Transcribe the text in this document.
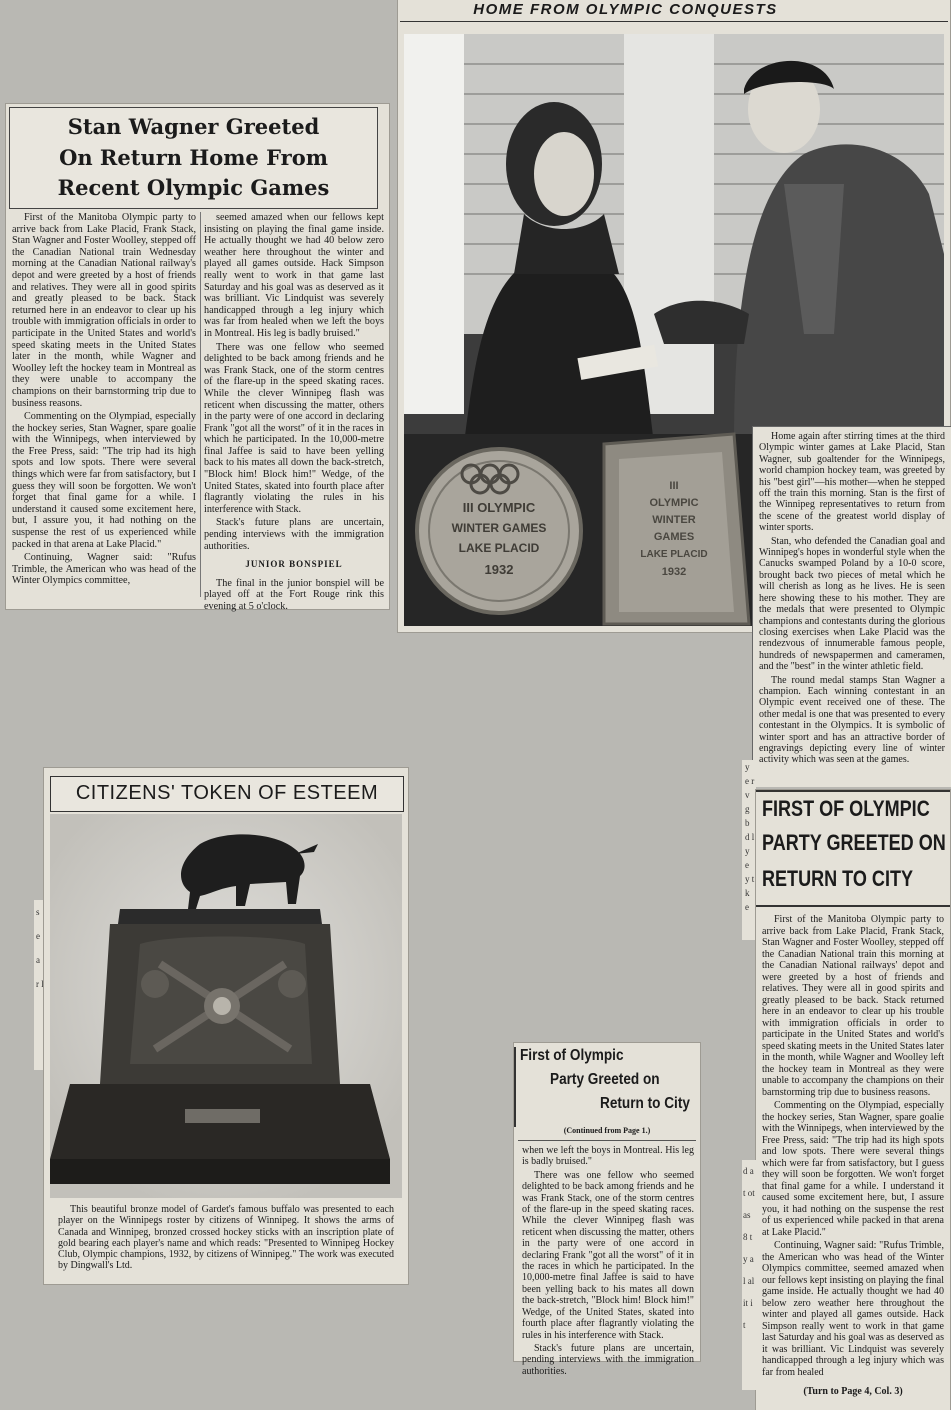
Stan Wagner Greeted
On Return Home From
Recent Olympic Games

First of the Manitoba Olympic party to arrive back from Lake Placid, Frank Stack, Stan Wagner and Foster Woolley, stepped off the Canadian National train Wednesday morning at the Canadian National railway's depot and were greeted by a host of friends and relatives. They were all in good spirits and greatly pleased to be back. Stack returned here in an endeavor to clear up his trouble with immigration officials in order to participate in the United States and world's speed skating meets in the United States later in the month, while Wagner and Woolley left the hockey team in Montreal as they were unable to accompany the champions on their barnstorming trip due to business reasons.

Commenting on the Olympiad, especially the hockey series, Stan Wagner, spare goalie with the Winnipegs, when interviewed by the Free Press, said: "The trip had its high spots and low spots. There were several things which were far from satisfactory, but I guess they will soon be forgotten. We won't forget that final game for a while. I understand it caused some excitement here, but, I assure you, it had nothing on the suspense the rest of us experienced while packed in that arena at Lake Placid."

Continuing, Wagner said: "Rufus Trimble, the American who was head of the Winter Olympics committee,

seemed amazed when our fellows kept insisting on playing the final game inside. He actually thought we had 40 below zero weather here throughout the winter and played all games outside. Hack Simpson really went to work in that game last Saturday and his goal was as deserved as it was brilliant. Vic Lindquist was severely handicapped through a leg injury which was far from healed when we left the boys in Montreal. His leg is badly bruised."

There was one fellow who seemed delighted to be back among friends and he was Frank Stack, one of the storm centres of the flare-up in the speed skating races. While the clever Winnipeg flash was reticent when discussing the matter, others in the party were of one accord in declaring Frank "got all the worst" of it in the races in which he participated. In the 10,000-metre final Jaffee is said to have been yelling back to his mates all down the back-stretch, "Block him! Block him!" Wedge, of the United States, skated into fourth place after flagrantly violating the rules in his interference with Stack.

Stack's future plans are uncertain, pending interviews with the immigration authorities.

JUNIOR BONSPIEL

The final in the junior bonspiel will be played off at the Fort Rouge rink this evening at 5 o'clock.

HOME FROM OLYMPIC CONQUESTS
III OLYMPIC
WINTER GAMES
LAKE PLACID
1932
III
OLYMPIC
WINTER
GAMES
LAKE PLACID
1932

Home again after stirring times at the third Olympic winter games at Lake Placid, Stan Wagner, sub goaltender for the Winnipegs, world champion hockey team, was greeted by his "best girl"—his mother—when he stepped off the train this morning. Stan is the first of the Winnipeg representatives to return from the scene of the greatest world display of winter sports.

Stan, who defended the Canadian goal and Winnipeg's hopes in wonderful style when the Canucks swamped Poland by a 10-0 score, brought back two pieces of metal which he will cherish as long as he lives. He is seen here showing these to his mother. They are the medals that were presented to Olympic champions and contestants during the glorious closing exercises when Lake Placid was the rendezvous of innumerable famous people, hundreds of newspapermen and cameramen, and the "best" in the winter athletic field.

The round medal stamps Stan Wagner a champion. Each winning contestant in an Olympic event received one of these. The other medal is one that was presented to every contestant in the Olympics. It is symbolic of winter sport and has an attractive border of engravings depicting every line of winter activity which was seen at the games.

y e r v g b d l y e y t k e
FIRST OF OLYMPIC
PARTY GREETED ON
RETURN TO CITY

First of the Manitoba Olympic party to arrive back from Lake Placid, Frank Stack, Stan Wagner and Foster Woolley, stepped off the Canadian National train this morning at the Canadian National railways' depot and were greeted by a host of friends and relatives. They were all in good spirits and greatly pleased to be back. Stack returned here in an endeavor to clear up his trouble with immigration officials in order to participate in the United States and world's speed skating meets in the United States later in the month, while Wagner and Woolley left the hockey team in Montreal as they were unable to accompany the champions on their barnstorming trip due to business reasons.

Commenting on the Olympiad, especially the hockey series, Stan Wagner, spare goalie with the Winnipegs, when interviewed by the Free Press, said: "The trip had its high spots and low spots. There were several things which were far from satisfactory, but I guess they will soon be forgotten. We won't forget that final game for a while. I understand it caused some excitement here, but, I assure you, it had nothing on the suspense the rest of us experienced while packed in that arena at Lake Placid."

Continuing, Wagner said: "Rufus Trimble, the American who was head of the Winter Olympics committee, seemed amazed when our fellows kept insisting on playing the final game inside. He actually thought we had 40 below zero weather here throughout the winter and played all games outside. Hack Simpson really went to work in that game last Saturday and his goal was as deserved as it was brilliant. Vic Lindquist was severely handicapped through a leg injury which was far from healed

(Turn to Page 4, Col. 3)
d at ot as 8 ty al al it it
s e a r l
CITIZENS' TOKEN OF ESTEEM
This beautiful bronze model of Gardet's famous buffalo was presented to each player on the Winnipegs roster by citizens of Winnipeg. It shows the arms of Canada and Winnipeg, bronzed crossed hockey sticks with an inscription plate of gold bearing each player's name and which reads: "Presented to Winnipeg Hockey Club, Olympic champions, 1932, by citizens of Winnipeg." The work was executed by Dingwall's Ltd.
First of Olympic
Party Greeted on
Return to City
(Continued from Page 1.)

when we left the boys in Montreal. His leg is badly bruised."

There was one fellow who seemed delighted to be back among friends and he was Frank Stack, one of the storm centres of the flare-up in the speed skating races. While the clever Winnipeg flash was reticent when discussing the matter, others in the party were of one accord in declaring Frank "got all the worst" of it in the races in which he participated. In the 10,000-metre final Jaffee is said to have been yelling back to his mates all down the back-stretch, "Block him! Block him!" Wedge, of the United States, skated into fourth place after flagrantly violating the rules in his interference with Stack.

Stack's future plans are uncertain, pending interviews with the immigration authorities.
